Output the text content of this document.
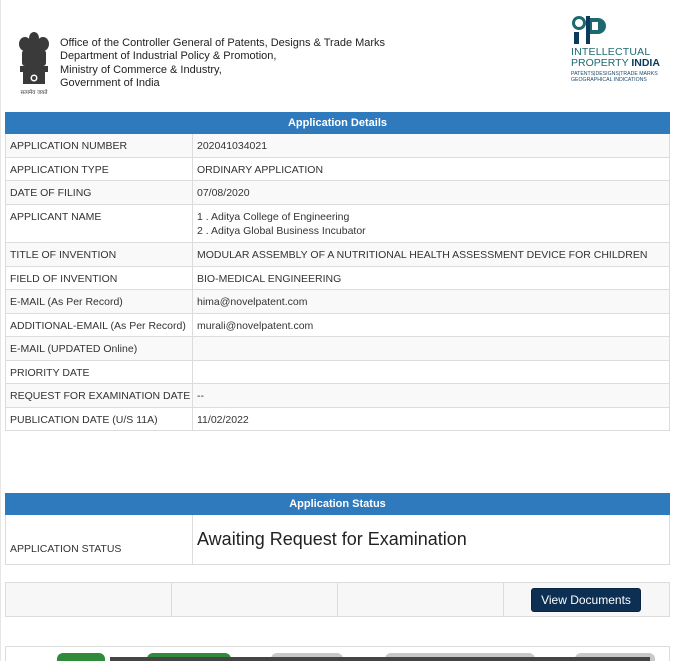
सत्यमेव जयते
Office of the Controller General of Patents, Designs & Trade Marks
Department of Industrial Policy & Promotion,
Ministry of Commerce & Industry,
Government of India
INTELLECTUAL
PROPERTY INDIA
PATENTS|DESIGNS|TRADE MARKS
GEOGRAPHICAL INDICATIONS
Application Details
APPLICATION NUMBER	202041034021
APPLICATION TYPE	ORDINARY APPLICATION
DATE OF FILING	07/08/2020
APPLICANT NAME	1 . Aditya College of Engineering
2 . Aditya Global Business Incubator
TITLE OF INVENTION	MODULAR ASSEMBLY OF A NUTRITIONAL HEALTH ASSESSMENT DEVICE FOR CHILDREN
FIELD OF INVENTION	BIO-MEDICAL ENGINEERING
E-MAIL (As Per Record)	hima@novelpatent.com
ADDITIONAL-EMAIL (As Per Record)	murali@novelpatent.com
E-MAIL (UPDATED Online)
PRIORITY DATE
REQUEST FOR EXAMINATION DATE --
PUBLICATION DATE (U/S 11A)	11/02/2022
Application Status
APPLICATION STATUS	Awaiting Request for Examination
View Documents
